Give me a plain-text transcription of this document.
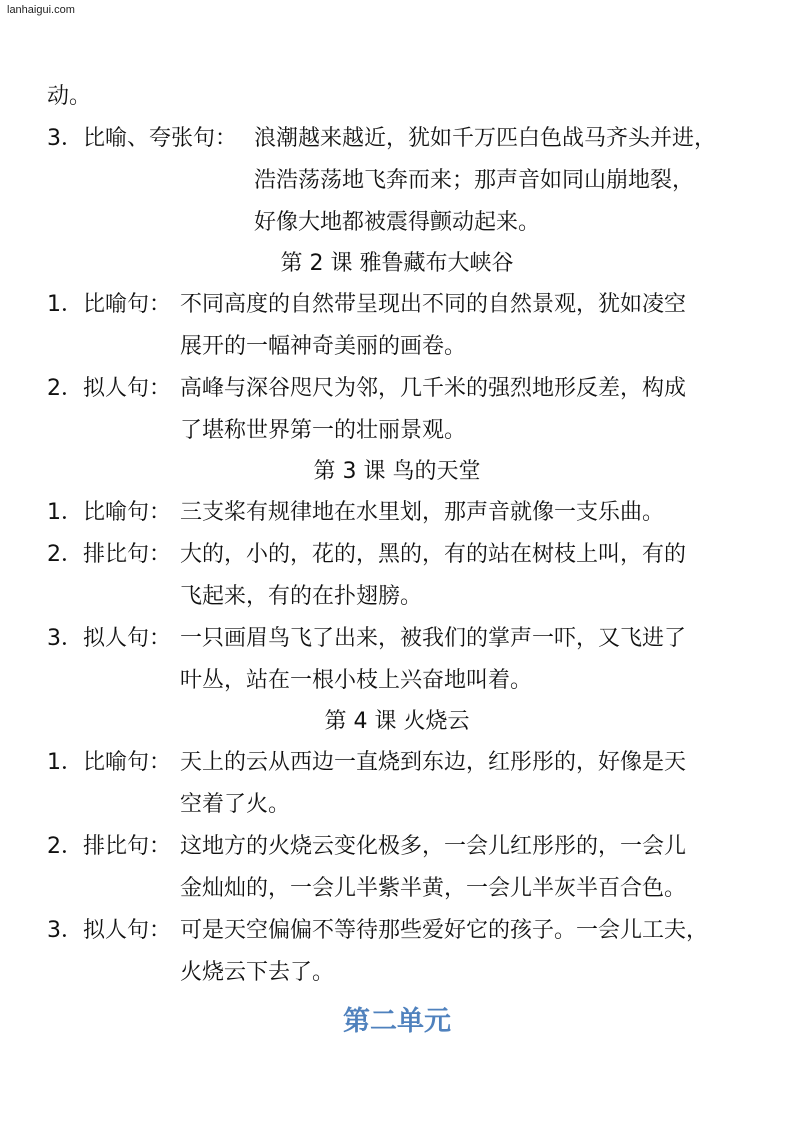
lanhaigui.com
动。
3．比喻、夸张句： 浪潮越来越近，犹如千万匹白色战马齐头并进，
浩浩荡荡地飞奔而来；那声音如同山崩地裂，
好像大地都被震得颤动起来。
第 2 课 雅鲁藏布大峡谷
1．比喻句： 不同高度的自然带呈现出不同的自然景观，犹如凌空
展开的一幅神奇美丽的画卷。
2．拟人句： 高峰与深谷咫尺为邻，几千米的强烈地形反差，构成
了堪称世界第一的壮丽景观。
第 3 课 鸟的天堂
1．比喻句： 三支桨有规律地在水里划，那声音就像一支乐曲。
2．排比句： 大的，小的，花的，黑的，有的站在树枝上叫，有的
飞起来，有的在扑翅膀。
3．拟人句： 一只画眉鸟飞了出来，被我们的掌声一吓，又飞进了
叶丛，站在一根小枝上兴奋地叫着。
第 4 课 火烧云
1．比喻句： 天上的云从西边一直烧到东边，红彤彤的，好像是天
空着了火。
2．排比句： 这地方的火烧云变化极多，一会儿红彤彤的，一会儿
金灿灿的，一会儿半紫半黄，一会儿半灰半百合色。
3．拟人句： 可是天空偏偏不等待那些爱好它的孩子。一会儿工夫，
火烧云下去了。
第二单元
